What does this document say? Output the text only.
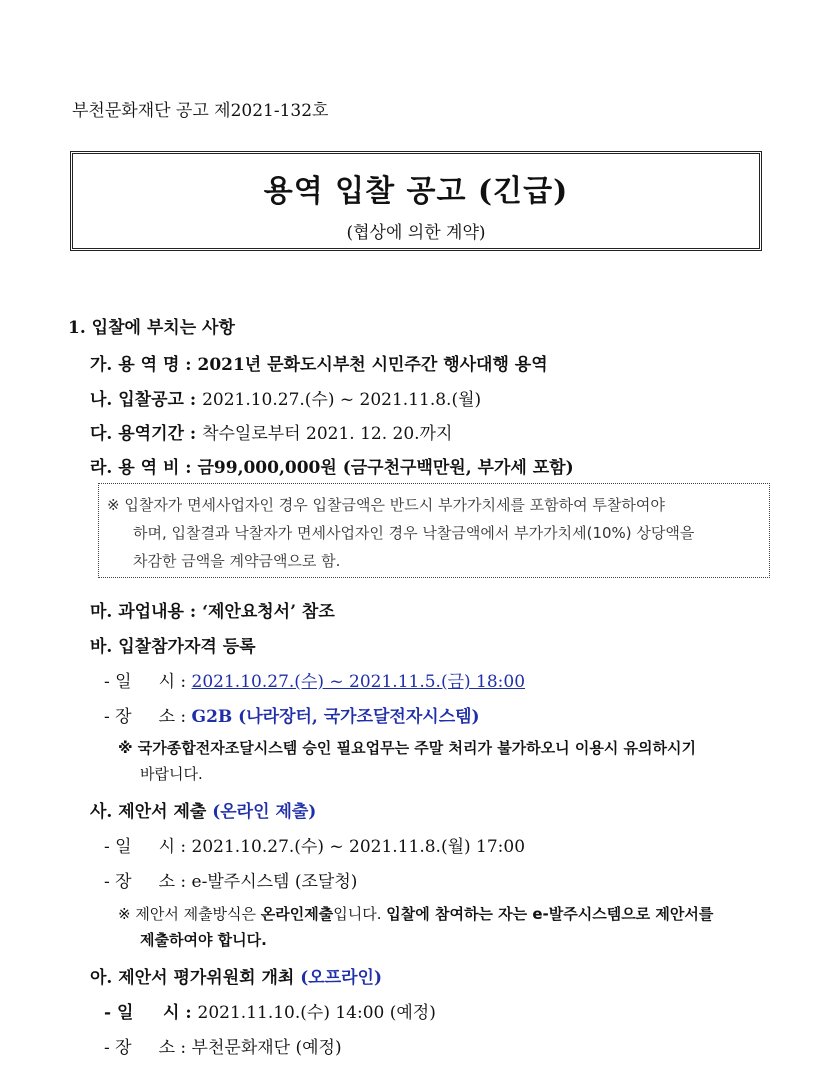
부천문화재단 공고 제2021-132호
용역 입찰 공고 (긴급)
(협상에 의한 계약)
1. 입찰에 부치는 사항
가. 용 역 명 : 2021년 문화도시부천 시민주간 행사대행 용역
나. 입찰공고 : 2021.10.27.(수) ~ 2021.11.8.(월)
다. 용역기간 : 착수일로부터 2021. 12. 20.까지
라. 용 역 비 : 금99,000,000원 (금구천구백만원, 부가세 포함)
※ 입찰자가 면세사업자인 경우 입찰금액은 반드시 부가가치세를 포함하여 투찰하여야
하며, 입찰결과 낙찰자가 면세사업자인 경우 낙찰금액에서 부가가치세(10%) 상당액을
차감한 금액을 계약금액으로 함.
마. 과업내용 : ‘제안요청서’ 참조
바. 입찰참가자격 등록
- 일     시 : 2021.10.27.(수) ~ 2021.11.5.(금) 18:00
- 장     소 : G2B (나라장터, 국가조달전자시스템)
※ 국가종합전자조달시스템 승인 필요업무는 주말 처리가 불가하오니 이용시 유의하시기
바랍니다.
사. 제안서 제출 (온라인 제출)
- 일     시 : 2021.10.27.(수) ~ 2021.11.8.(월) 17:00
- 장     소 : e-발주시스템 (조달청)
※ 제안서 제출방식은 온라인제출입니다. 입찰에 참여하는 자는 e-발주시스템으로 제안서를
제출하여야 합니다.
아. 제안서 평가위원회 개최 (오프라인)
- 일     시 : 2021.11.10.(수) 14:00 (예정)
- 장     소 : 부천문화재단 (예정)
